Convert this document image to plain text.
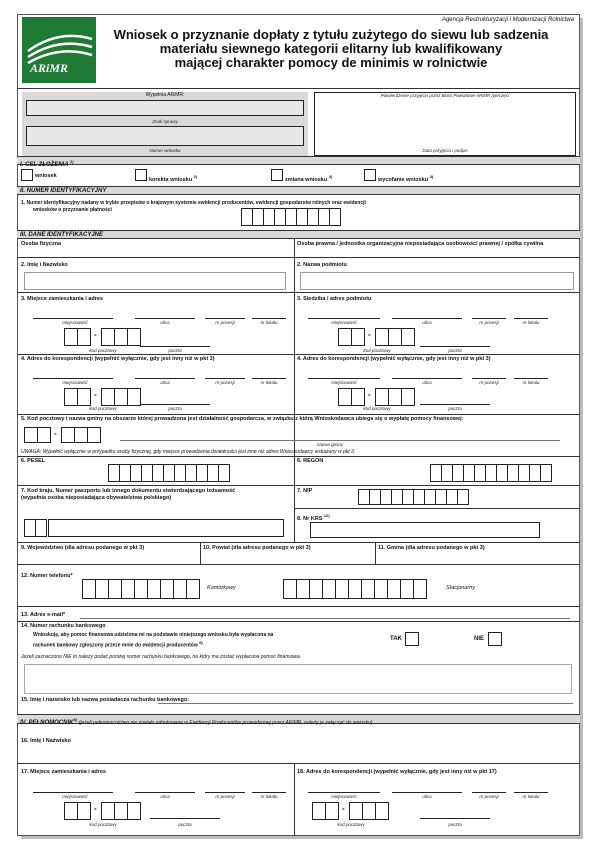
ARiMR
Agencja Restrukturyzacji i Modernizacji Rolnictwa
Wniosek o przyznanie dopłaty z tytułu zużytego do siewu lub sadzenia
materiału siewnego kategorii elitarny lub kwalifikowany
mającej charakter pomocy de minimis w rolnictwie
Wypełnia ARiMR:
Znak sprawy
Numer wniosku
Potwierdzenie przyjęcia przez Biuro Powiatowe ARiMR /pieczęć/
Data przyjęcia i podpis
I. CEL ZŁOŻENIA $^{1)}$
wniosek
korekta wniosku $^{2)}$
zmiana wniosku $^{3)}$
wycofanie wniosku $^{4)}$
II. NUMER IDENTYFIKACYJNY
1. Numer identyfikacyjny nadany w trybie przepisów o krajowym systemie ewidencji producentów, ewidencji gospodarstw rolnych oraz ewidencji
wniosków o przyznanie płatności
III. DANE IDENTYFIKACYJNE
Osoba fizyczna	Osoba prawna / jednostka organizacyjna nieposiadająca osobowości prawnej / spółka cywilna
2. Imię i Nazwisko	2. Nazwa podmiotu
3. Miejsce zamieszkania i adres
miejscowość	ulica	nr posesji	nr lokalu
-
kod pocztowy	poczta
3. Siedziba i adres podmiotu
miejscowość	ulica	nr posesji	nr lokalu
-
kod pocztowy	poczta
4. Adres do korespondencji (wypełnić wyłącznie, gdy jest inny niż w pkt 3)	4. Adres do korespondencji (wypełnić wyłącznie, gdy jest inny niż w pkt 3)
miejscowość	ulica	nr posesji	nr lokalu
-
kod pocztowy	poczta
miejscowość	ulica	nr posesji	nr lokalu
-
kod pocztowy	poczta
5. Kod pocztowy i nazwa gminy na obszarze której prowadzona jest działalność gospodarcza, w związku z którą Wnioskodawca ubiega się o wypłatę pomocy finansowej:
-
nazwa gminy
UWAGA: Wypełnić wyłącznie w przypadku osoby fizycznej, gdy miejsce prowadzenia działalności jest inne niż adres Wnioskodawcy wskazany w pkt 3.
6. PESEL	6. REGON
7. Kod kraju. Numer paszportu lub innego dokumentu stwierdzającego tożsamość
(wypełnia osoba nieposiadająca obywatelstwa polskiego)
7. NIP
8. Nr KRS $^{12)}$
9. Województwo (dla adresu podanego w pkt 3)	10. Powiat (dla adresu podanego w pkt 3)	11. Gmina (dla adresu podanego w pkt 3)
12. Numer telefonu*
Komórkowy	Stacjonarny
13. Adres e-mail*
14. Numer rachunku bankowego
Wnioskuję, aby pomoc finansowa udzielona mi na podstawie niniejszego wniosku była wypłacona na
rachunek bankowy zgłoszony przeze mnie do ewidencji producentów $^{5)}$
TAK	NIE
Jeżeli zaznaczono NIE to należy podać poniżej numer rachunku bankowego, na który ma zostać wypłacona pomoc finansowa.
15. Imię i nazwisko lub nazwa posiadacza rachunku bankowego:
IV. PEŁNOMOCNIK$^{6)}$ (jeżeli pełnomocnictwo nie zostało odnotowane w Ewidencji Producentów prowadzonej przez ARiMR, należy je załączyć do wniosku)
16. Imię i Nazwisko
17. Miejsce zamieszkania i adres	18. Adres do korespondencji (wypełnić wyłącznie, gdy jest inny niż w pkt 17)
miejscowość	ulica	nr posesji	nr lokalu
-
kod pocztowy	poczta
miejscowość	ulica	nr posesji	nr lokalu
-
kod pocztowy	poczta
